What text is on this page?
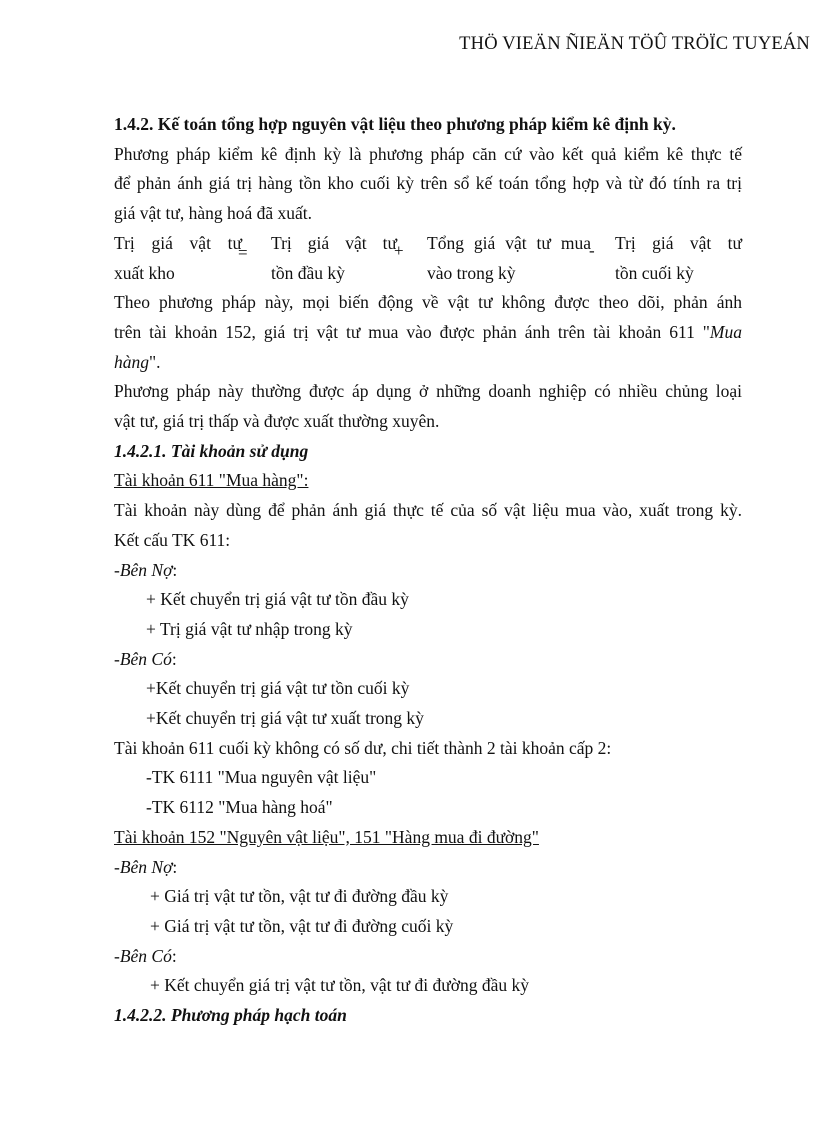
THÖ VIEÄN ÑIEÄN TÖÛ TRÖÏC TUYEÁN
1.4.2. Kế toán tổng hợp nguyên vật liệu theo phương pháp kiểm kê định kỳ.
Phương pháp kiểm kê định kỳ là phương pháp căn cứ vào kết quả kiểm kê thực tế
để phản ánh giá trị hàng tồn kho cuối kỳ trên sổ kế toán tổng hợp và từ đó tính ra trị
giá vật tư, hàng hoá đã xuất.
Trị giá vật tư
xuất kho
= Trị giá vật tư
tồn đầu kỳ
+ Tổng giá vật tư mua
vào trong kỳ
- Trị giá vật tư
tồn cuối kỳ
Theo phương pháp này, mọi biến động về vật tư không được theo dõi, phản ánh
trên tài khoản 152, giá trị vật tư mua vào được phản ánh trên tài khoản 611 "Mua
hàng".
Phương pháp này thường được áp dụng ở những doanh nghiệp có nhiều chủng loại
vật tư, giá trị thấp và được xuất thường xuyên.
1.4.2.1. Tài khoản sử dụng
Tài khoản 611 "Mua hàng":
Tài khoản này dùng để phản ánh giá thực tế của số vật liệu mua vào, xuất trong kỳ.
Kết cấu TK 611:
-Bên Nợ:
+ Kết chuyển trị giá vật tư tồn đầu kỳ
+ Trị giá vật tư nhập trong kỳ
-Bên Có:
+Kết chuyển trị giá vật tư tồn cuối kỳ
+Kết chuyển trị giá vật tư xuất trong kỳ
Tài khoản 611 cuối kỳ không có số dư, chi tiết thành 2 tài khoản cấp 2:
-TK 6111 "Mua nguyên vật liệu"
-TK 6112 "Mua hàng hoá"
Tài khoản 152 "Nguyên vật liệu", 151 "Hàng mua đi đường"
-Bên Nợ:
+ Giá trị vật tư tồn, vật tư đi đường đầu kỳ
+ Giá trị vật tư tồn, vật tư đi đường cuối kỳ
-Bên Có:
+ Kết chuyển giá trị vật tư tồn, vật tư đi đường đầu kỳ
1.4.2.2. Phương pháp hạch toán
